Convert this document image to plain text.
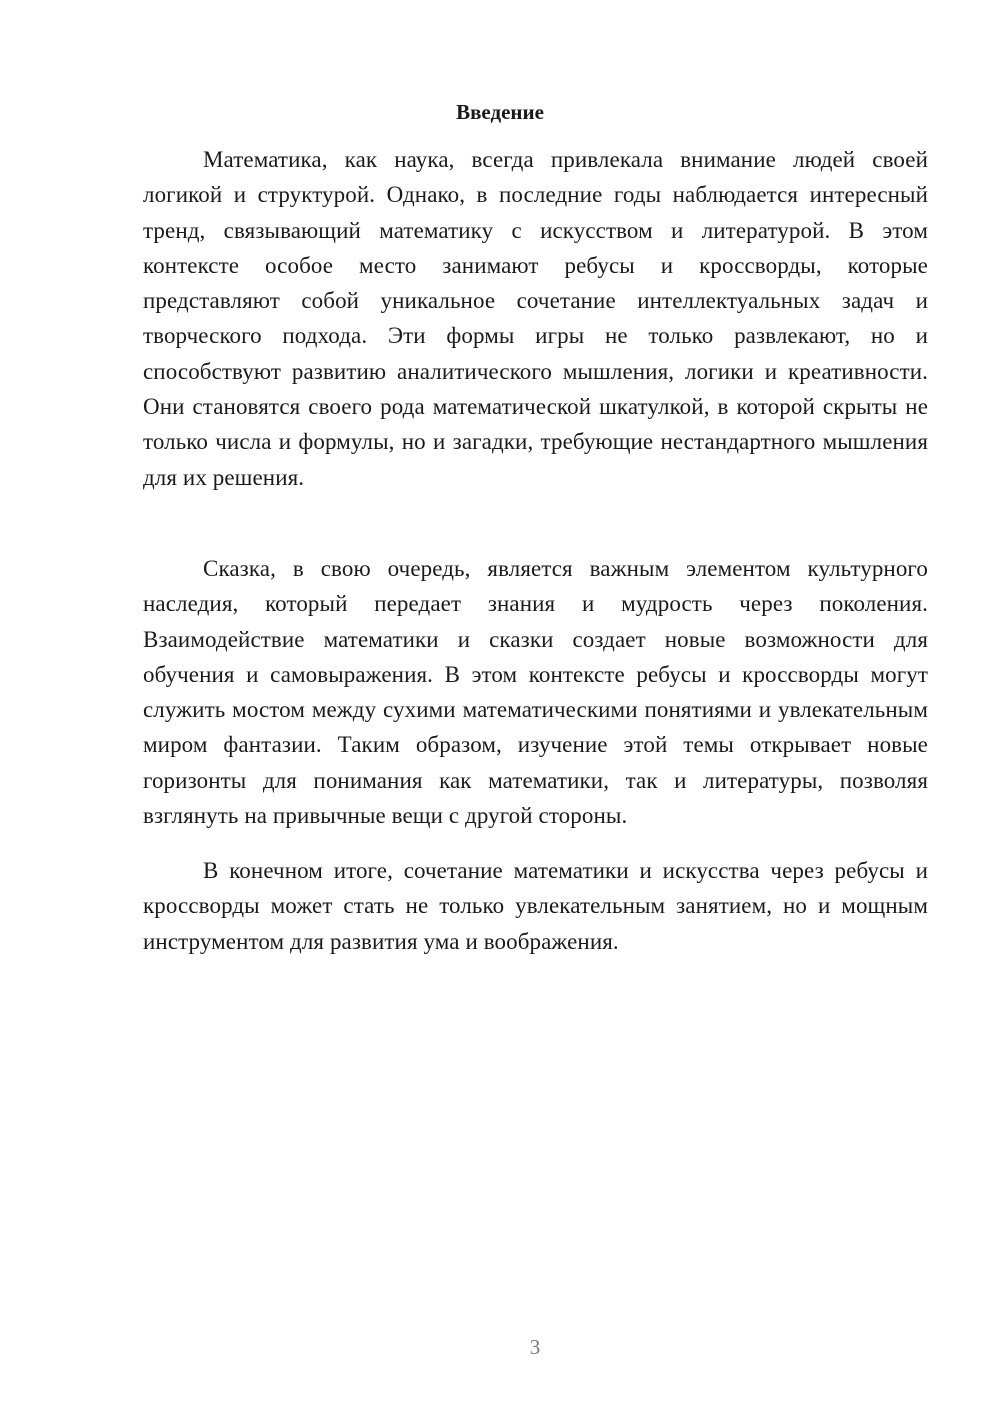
Введение

Математика, как наука, всегда привлекала внимание людей своей логикой и структурой. Однако, в последние годы наблюдается интересный тренд, связывающий математику с искусством и литературой. В этом контексте особое место занимают ребусы и кроссворды, которые представляют собой уникальное сочетание интеллектуальных задач и творческого подхода. Эти формы игры не только развлекают, но и способствуют развитию аналитического мышления, логики и креативности. Они становятся своего рода математической шкатулкой, в которой скрыты не только числа и формулы, но и загадки, требующие нестандартного мышления для их решения.

Сказка, в свою очередь, является важным элементом культурного наследия, который передает знания и мудрость через поколения. Взаимодействие математики и сказки создает новые возможности для обучения и самовыражения. В этом контексте ребусы и кроссворды могут служить мостом между сухими математическими понятиями и увлекательным миром фантазии. Таким образом, изучение этой темы открывает новые горизонты для понимания как математики, так и литературы, позволяя взглянуть на привычные вещи с другой стороны.

В конечном итоге, сочетание математики и искусства через ребусы и кроссворды может стать не только увлекательным занятием, но и мощным инструментом для развития ума и воображения.

3
